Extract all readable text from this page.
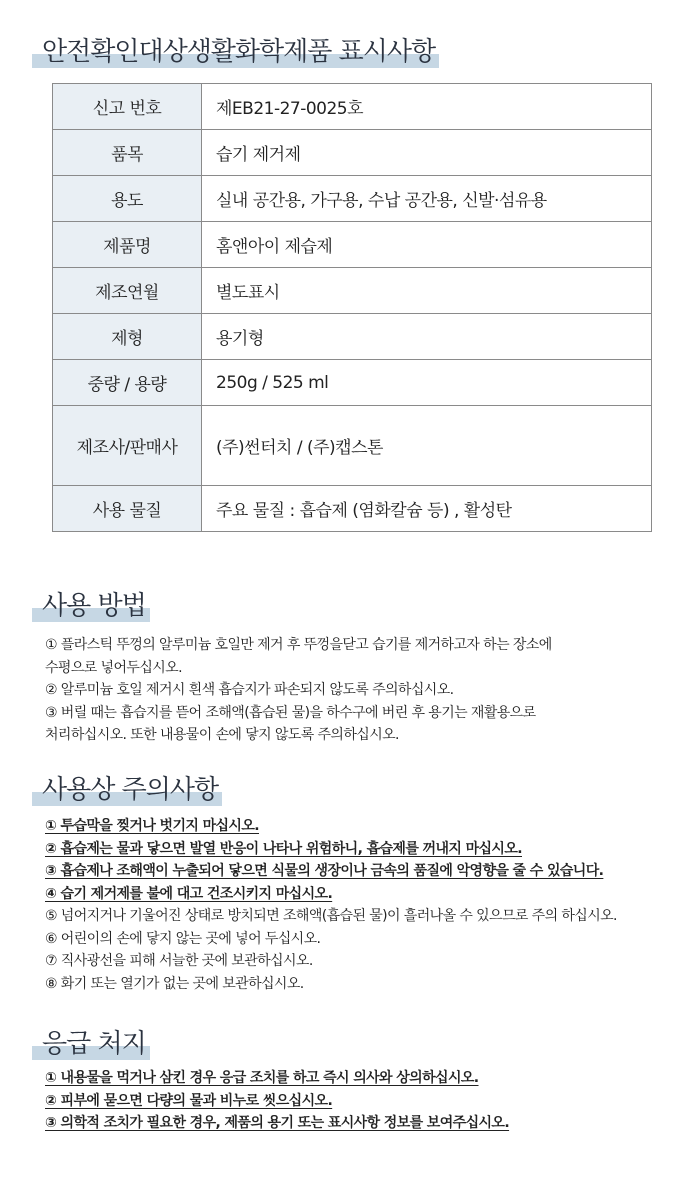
안전확인대상생활화학제품 표시사항
신고 번호	제EB21-27-0025호
품목	습기 제거제
용도	실내 공간용, 가구용, 수납 공간용, 신발·섬유용
제품명	홈앤아이 제습제
제조연월	별도표시
제형	용기형
중량 / 용량	250g / 525 ml
제조사/판매사	(주)썬터치 / (주)캡스톤
사용 물질	주요 물질 : 흡습제 (염화칼슘 등) , 활성탄
사용 방법
① 플라스틱 뚜껑의 알루미늄 호일만 제거 후 뚜껑을닫고 습기를 제거하고자 하는 장소에
수평으로 넣어두십시오.
② 알루미늄 호일 제거시 흰색 흡습지가 파손되지 않도록 주의하십시오.
③ 버릴 때는 흡습지를 뜯어 조해액(흡습된 물)을 하수구에 버린 후 용기는 재활용으로
처리하십시오. 또한 내용물이 손에 닿지 않도록 주의하십시오.
사용상 주의사항
① 투습막을 찢거나 벗기지 마십시오.
② 흡습제는 물과 닿으면 발열 반응이 나타나 위험하니, 흡습제를 꺼내지 마십시오.
③ 흡습제나 조해액이 누출되어 닿으면 식물의 생장이나 금속의 품질에 악영향을 줄 수 있습니다.
④ 습기 제거제를 불에 대고 건조시키지 마십시오.
⑤ 넘어지거나 기울어진 상태로 방치되면 조해액(흡습된 물)이 흘러나올 수 있으므로 주의 하십시오.
⑥ 어린이의 손에 닿지 않는 곳에 넣어 두십시오.
⑦ 직사광선을 피해 서늘한 곳에 보관하십시오.
⑧ 화기 또는 열기가 없는 곳에 보관하십시오.
응급 처지
① 내용물을 먹거나 삼킨 경우 응급 조치를 하고 즉시 의사와 상의하십시오.
② 피부에 묻으면 다량의 물과 비누로 씻으십시오.
③ 의학적 조치가 필요한 경우, 제품의 용기 또는 표시사항 정보를 보여주십시오.
